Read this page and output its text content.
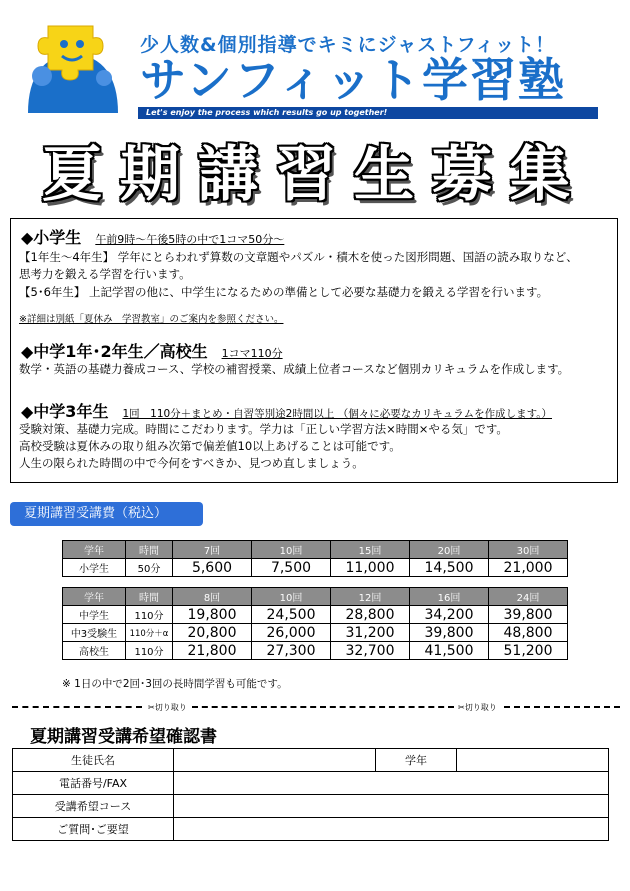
少人数&個別指導でキミにジャストフィット！
サンフィット学習塾
Let's enjoy the process which results go up together!
夏期講習生募集
◆小学生 午前9時～午後5時の中で1コマ50分～
【1年生～4年生】 学年にとらわれず算数の文章題やパズル・積木を使った図形問題、国語の読み取りなど、
思考力を鍛える学習を行います。
【5･6年生】 上記学習の他に、中学生になるための準備として必要な基礎力を鍛える学習を行います。
※詳細は別紙「夏休み　学習教室」のご案内を参照ください。
◆中学1年･2年生／高校生 1コマ110分
数学・英語の基礎力養成コース、学校の補習授業、成績上位者コースなど個別カリキュラムを作成します。
◆中学3年生 1回　110分＋まとめ・自習等別途2時間以上 （個々に必要なカリキュラムを作成します。）
受験対策、基礎力完成。時間にこだわります。学力は「正しい学習方法×時間×やる気」です。
高校受験は夏休みの取り組み次第で偏差値10以上あげることは可能です。
人生の限られた時間の中で今何をすべきか、見つめ直しましょう。
夏期講習受講費（税込）
学年	時間	7回	10回	15回	20回	30回
小学生	50分	5,600	7,500	11,000	14,500	21,000
学年	時間	8回	10回	12回	16回	24回
中学生	110分	19,800	24,500	28,800	34,200	39,800
中3受験生	110分＋α	20,800	26,000	31,200	39,800	48,800
高校生	110分	21,800	27,300	32,700	41,500	51,200
※ 1日の中で2回･3回の長時間学習も可能です。
✂切り取り	✂切り取り
夏期講習受講希望確認書
生徒氏名		学年	
電話番号/FAX			
受講希望コース			
ご質問･ご要望			
